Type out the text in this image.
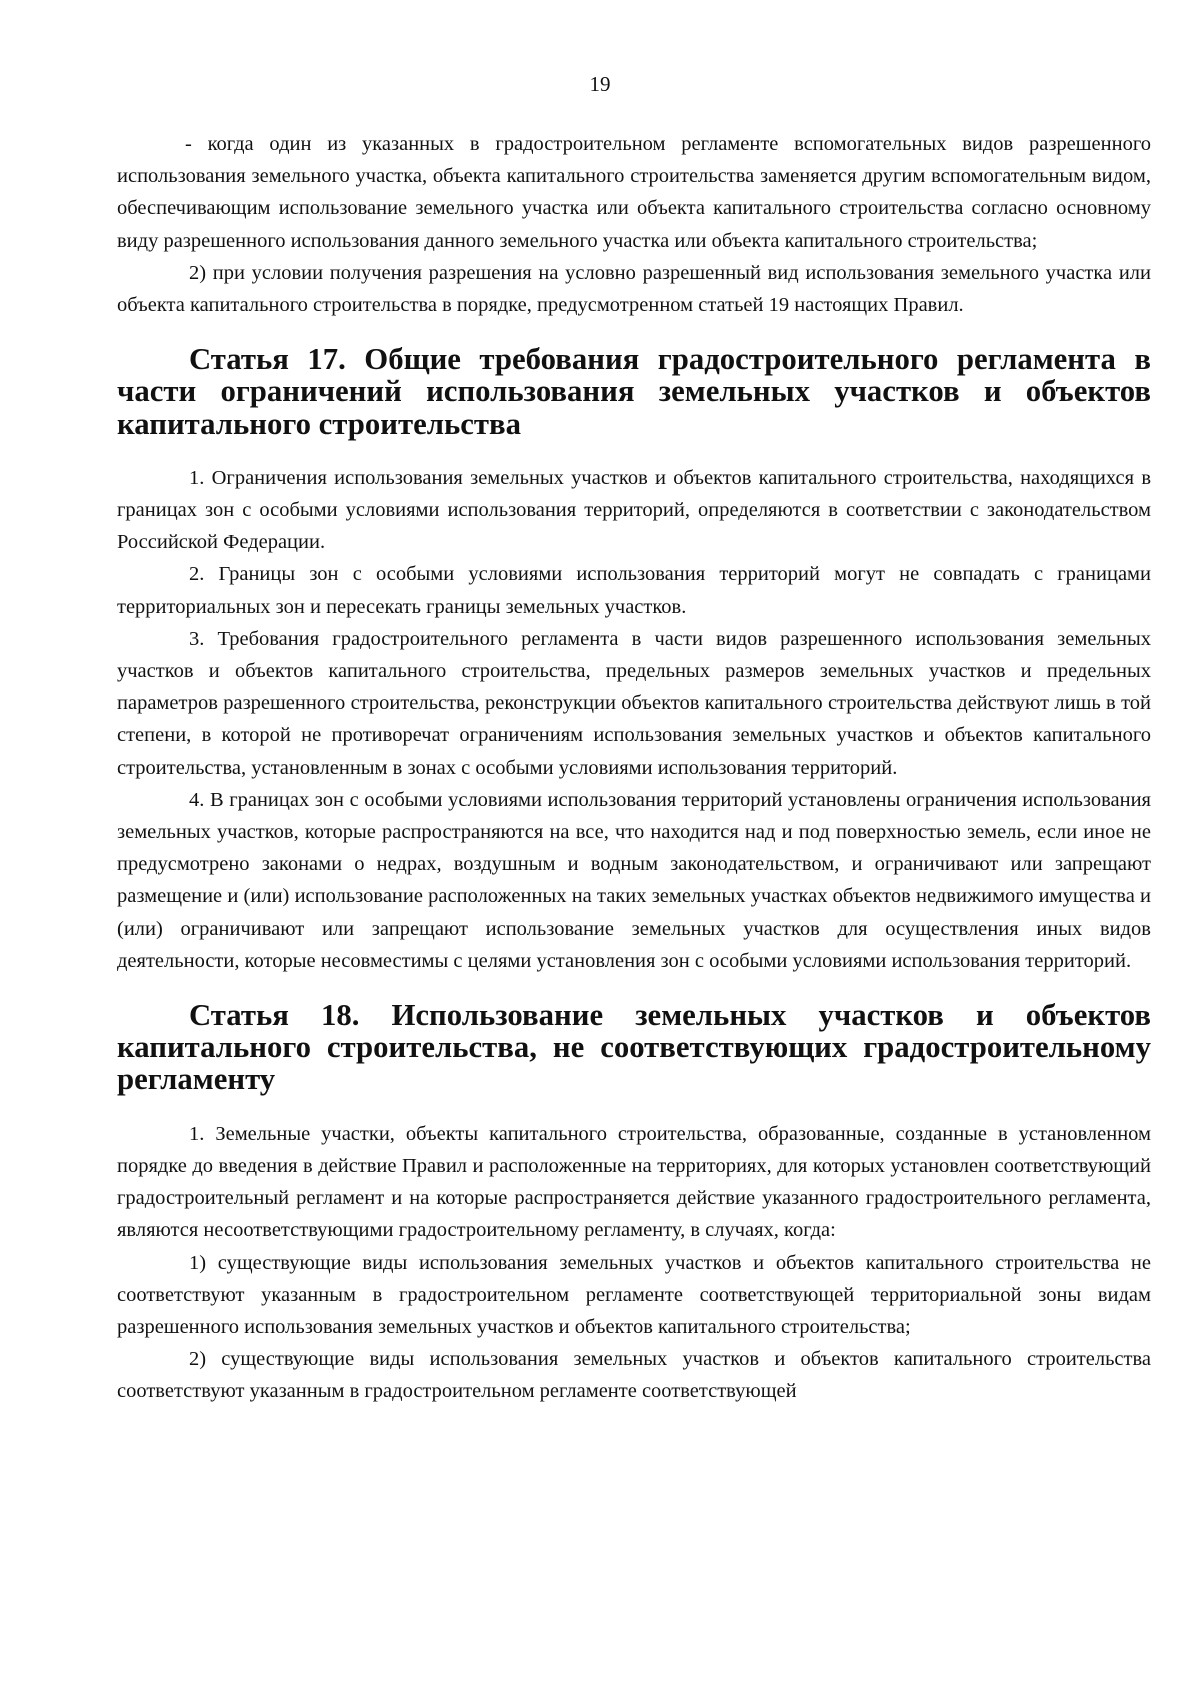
19

- когда один из указанных в градостроительном регламенте вспомогательных видов разрешенного использования земельного участка, объекта капитального строительства заменяется другим вспомогательным видом, обеспечивающим использование земельного участка или объекта капитального строительства согласно основному виду разрешенного использования данного земельного участка или объекта капитального строительства;

2) при условии получения разрешения на условно разрешенный вид использования земельного участка или объекта капитального строительства в порядке, предусмотренном статьей 19 настоящих Правил.

Статья 17. Общие требования градостроительного регламента в части ограничений использования земельных участков и объектов капитального строительства

1. Ограничения использования земельных участков и объектов капитального строительства, находящихся в границах зон с особыми условиями использования территорий, определяются в соответствии с законодательством Российской Федерации.

2. Границы зон с особыми условиями использования территорий могут не совпадать с границами территориальных зон и пересекать границы земельных участков.

3. Требования градостроительного регламента в части видов разрешенного использования земельных участков и объектов капитального строительства, предельных размеров земельных участков и предельных параметров разрешенного строительства, реконструкции объектов капитального строительства действуют лишь в той степени, в которой не противоречат ограничениям использования земельных участков и объектов капитального строительства, установленным в зонах с особыми условиями использования территорий.

4. В границах зон с особыми условиями использования территорий установлены ограничения использования земельных участков, которые распространяются на все, что находится над и под поверхностью земель, если иное не предусмотрено законами о недрах, воздушным и водным законодательством, и ограничивают или запрещают размещение и (или) использование расположенных на таких земельных участках объектов недвижимого имущества и (или) ограничивают или запрещают использование земельных участков для осуществления иных видов деятельности, которые несовместимы с целями установления зон с особыми условиями использования территорий.

Статья 18. Использование земельных участков и объектов капитального строительства, не соответствующих градостроительному регламенту

1. Земельные участки, объекты капитального строительства, образованные, созданные в установленном порядке до введения в действие Правил и расположенные на территориях, для которых установлен соответствующий градостроительный регламент и на которые распространяется действие указанного градостроительного регламента, являются несоответствующими градостроительному регламенту, в случаях, когда:

1) существующие виды использования земельных участков и объектов капитального строительства не соответствуют указанным в градостроительном регламенте соответствующей территориальной зоны видам разрешенного использования земельных участков и объектов капитального строительства;

2) существующие виды использования земельных участков и объектов капитального строительства соответствуют указанным в градостроительном регламенте соответствующей
